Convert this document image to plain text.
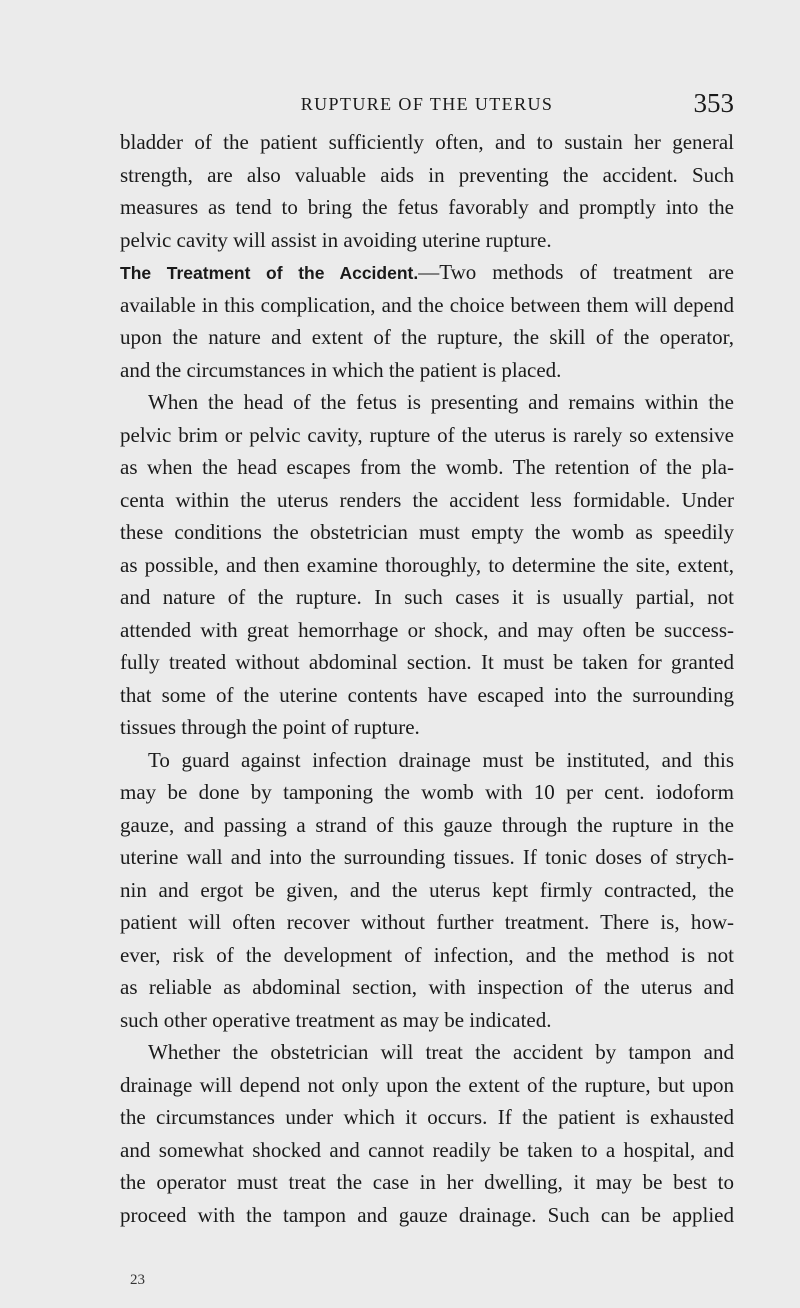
RUPTURE OF THE UTERUS	353
bladder of the patient sufficiently often, and to sustain her general
strength, are also valuable aids in preventing the accident. Such
measures as tend to bring the fetus favorably and promptly into the
pelvic cavity will assist in avoiding uterine rupture.
The Treatment of the Accident.—Two methods of treatment are
available in this complication, and the choice between them will depend
upon the nature and extent of the rupture, the skill of the operator,
and the circumstances in which the patient is placed.
When the head of the fetus is presenting and remains within the
pelvic brim or pelvic cavity, rupture of the uterus is rarely so extensive
as when the head escapes from the womb. The retention of the pla-
centa within the uterus renders the accident less formidable. Under
these conditions the obstetrician must empty the womb as speedily
as possible, and then examine thoroughly, to determine the site, extent,
and nature of the rupture. In such cases it is usually partial, not
attended with great hemorrhage or shock, and may often be success-
fully treated without abdominal section. It must be taken for granted
that some of the uterine contents have escaped into the surrounding
tissues through the point of rupture.
To guard against infection drainage must be instituted, and this
may be done by tamponing the womb with 10 per cent. iodoform
gauze, and passing a strand of this gauze through the rupture in the
uterine wall and into the surrounding tissues. If tonic doses of strych-
nin and ergot be given, and the uterus kept firmly contracted, the
patient will often recover without further treatment. There is, how-
ever, risk of the development of infection, and the method is not
as reliable as abdominal section, with inspection of the uterus and
such other operative treatment as may be indicated.
Whether the obstetrician will treat the accident by tampon and
drainage will depend not only upon the extent of the rupture, but upon
the circumstances under which it occurs. If the patient is exhausted
and somewhat shocked and cannot readily be taken to a hospital, and
the operator must treat the case in her dwelling, it may be best to
proceed with the tampon and gauze drainage. Such can be applied
23
